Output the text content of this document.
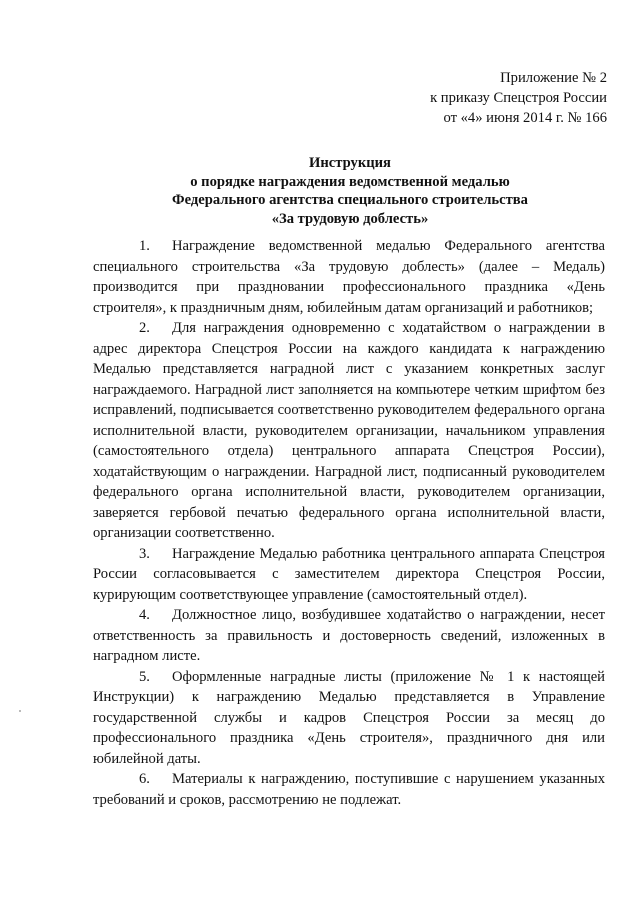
Приложение № 2
к приказу Спецстроя России
от «4» июня 2014 г. № 166
Инструкция
о порядке награждения ведомственной медалью
Федерального агентства специального строительства
«За трудовую доблесть»

1. Награждение ведомственной медалью Федерального агентства специального строительства «За трудовую доблесть» (далее – Медаль) производится при праздновании профессионального праздника «День строителя», к праздничным дням, юбилейным датам организаций и работников;

2. Для награждения одновременно с ходатайством о награждении в адрес директора Спецстроя России на каждого кандидата к награждению Медалью представляется наградной лист с указанием конкретных заслуг награждаемого. Наградной лист заполняется на компьютере четким шрифтом без исправлений, подписывается соответственно руководителем федерального органа исполнительной власти, руководителем организации, начальником управления (самостоятельного отдела) центрального аппарата Спецстроя России), ходатайствующим о награждении. Наградной лист, подписанный руководителем федерального органа исполнительной власти, руководителем организации, заверяется гербовой печатью федерального органа исполнительной власти, организации соответственно.

3. Награждение Медалью работника центрального аппарата Спецстроя России согласовывается с заместителем директора Спецстроя России, курирующим соответствующее управление (самостоятельный отдел).

4. Должностное лицо, возбудившее ходатайство о награждении, несет ответственность за правильность и достоверность сведений, изложенных в наградном листе.

5. Оформленные наградные листы (приложение № 1 к настоящей Инструкции) к награждению Медалью представляется в Управление государственной службы и кадров Спецстроя России за месяц до профессионального праздника «День строителя», праздничного дня или юбилейной даты.

6. Материалы к награждению, поступившие с нарушением указанных требований и сроков, рассмотрению не подлежат.
